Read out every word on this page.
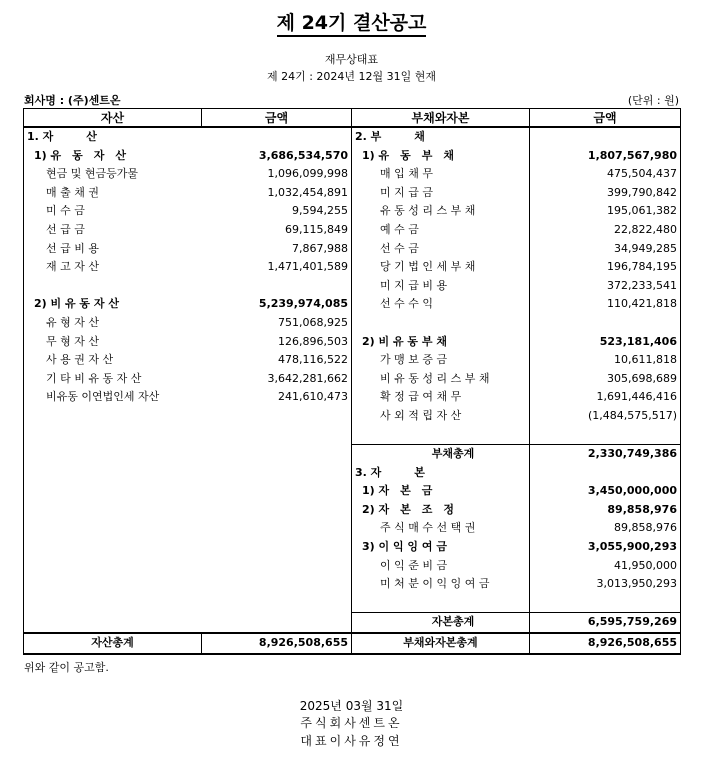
제 24기 결산공고
재무상태표
제 24기 : 2024년 12월 31일 현재
회사명 : (주)센트온	(단위 : 원)
자산	금액	부채와자본	금액
1. 자　　　산		2. 부　　　채	
1) 유　동　자　산	3,686,534,570	1) 유　동　부　채	1,807,567,980
현금 및 현금등가물	1,096,099,998	매 입 채 무	475,504,437
매 출 채 권	1,032,454,891	미 지 급 금	399,790,842
미 수 금	9,594,255	유 동 성 리 스 부 채	195,061,382
선 급 금	69,115,849	예 수 금	22,822,480
선 급 비 용	7,867,988	선 수 금	34,949,285
재 고 자 산	1,471,401,589	당 기 법 인 세 부 채	196,784,195
		미 지 급 비 용	372,233,541
2) 비 유 동 자 산	5,239,974,085	선 수 수 익	110,421,818
유 형 자 산	751,068,925		
무 형 자 산	126,896,503	2) 비 유 동 부 채	523,181,406
사 용 권 자 산	478,116,522	가 맹 보 증 금	10,611,818
기 타 비 유 동 자 산	3,642,281,662	비 유 동 성 리 스 부 채	305,698,689
비유동 이연법인세 자산	241,610,473	확 정 급 여 채 무	1,691,446,416
		사 외 적 립 자 산	(1,484,575,517)

		부채총계	2,330,749,386
		3. 자　　　본	
		1) 자　본　금	3,450,000,000
		2) 자　본　조　정	89,858,976
		주 식 매 수 선 택 권	89,858,976
		3) 이 익 잉 여 금	3,055,900,293
		이 익 준 비 금	41,950,000
		미 처 분 이 익 잉 여 금	3,013,950,293

		자본총계	6,595,759,269
자산총계	8,926,508,655	부채와자본총계	8,926,508,655
위와 같이 공고함.
2025년 03월 31일
주식회사센트온
대표이사유정연
